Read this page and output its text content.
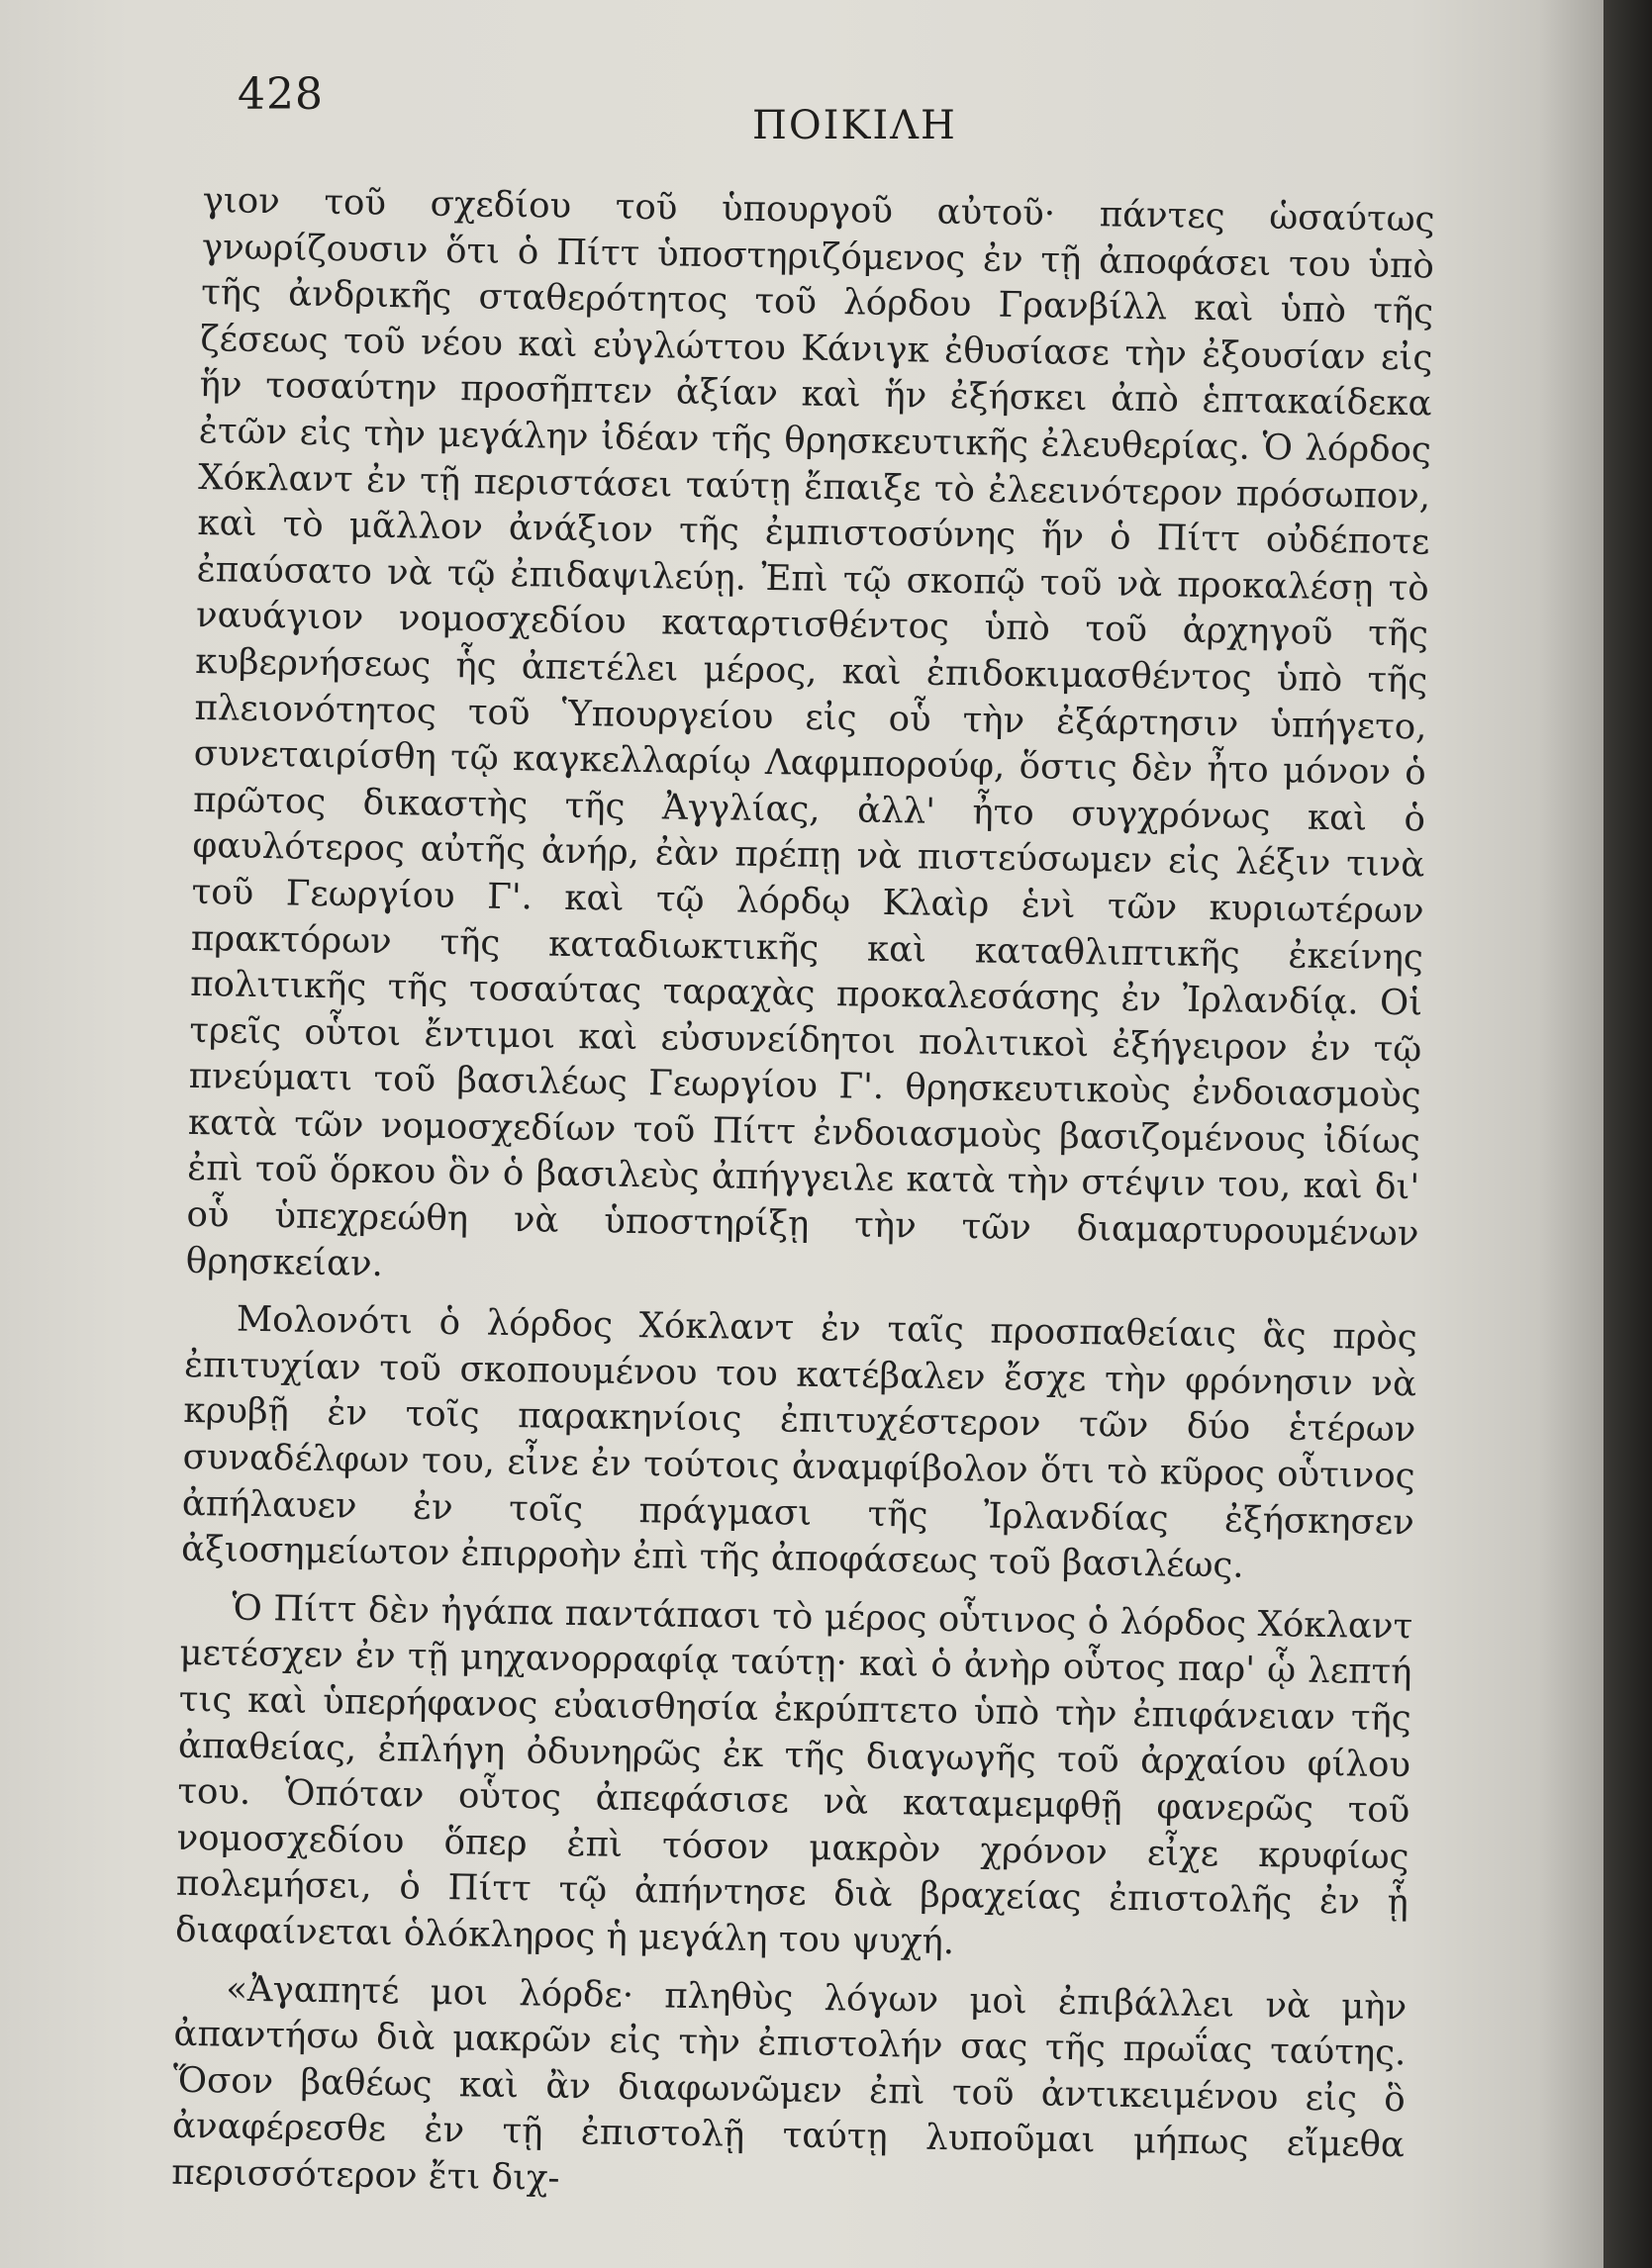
428
ΠΟΙΚΙΛΗ

γιον τοῦ σχεδίου τοῦ ὑπουργοῦ αὐτοῦ· πάντες ὡσαύτως γνωρίζουσιν ὅτι ὁ Πίττ ὑποστηριζόμενος ἐν τῇ ἀποφάσει του ὑπὸ τῆς ἀνδρικῆς σταθερότητος τοῦ λόρδου Γρανβίλλ καὶ ὑπὸ τῆς ζέσεως τοῦ νέου καὶ εὐγλώττου Κάνιγκ ἐθυσίασε τὴν ἐξουσίαν εἰς ἥν τοσαύτην προσῆπτεν ἀξίαν καὶ ἥν ἐξήσκει ἀπὸ ἑπτακαίδεκα ἐτῶν εἰς τὴν μεγάλην ἰδέαν τῆς θρησκευτικῆς ἐλευθερίας. Ὁ λόρδος Χόκλαντ ἐν τῇ περιστάσει ταύτῃ ἔπαιξε τὸ ἐλεεινότερον πρόσωπον, καὶ τὸ μᾶλλον ἀνάξιον τῆς ἐμπιστοσύνης ἥν ὁ Πίττ οὐδέποτε ἐπαύσατο νὰ τῷ ἐπιδαψιλεύῃ. Ἐπὶ τῷ σκοπῷ τοῦ νὰ προκαλέσῃ τὸ ναυάγιον νομοσχεδίου καταρτισθέντος ὑπὸ τοῦ ἀρχηγοῦ τῆς κυβερνήσεως ἧς ἀπετέλει μέρος, καὶ ἐπιδοκιμασθέντος ὑπὸ τῆς πλειονότητος τοῦ Ὑπουργείου εἰς οὗ τὴν ἐξάρτησιν ὑπήγετο, συνεταιρίσθη τῷ καγκελλαρίῳ Λαφμπορούφ, ὅστις δὲν ἦτο μόνον ὁ πρῶτος δικαστὴς τῆς Ἀγγλίας, ἀλλ' ἦτο συγχρόνως καὶ ὁ φαυλότερος αὐτῆς ἀνήρ, ἐὰν πρέπῃ νὰ πιστεύσωμεν εἰς λέξιν τινὰ τοῦ Γεωργίου Γ'. καὶ τῷ λόρδῳ Κλαὶρ ἑνὶ τῶν κυριωτέρων πρακτόρων τῆς καταδιωκτικῆς καὶ καταθλιπτικῆς ἐκείνης πολιτικῆς τῆς τοσαύτας ταραχὰς προκαλεσάσης ἐν Ἰρλανδίᾳ. Οἱ τρεῖς οὗτοι ἔντιμοι καὶ εὐσυνείδητοι πολιτικοὶ ἐξήγειρον ἐν τῷ πνεύματι τοῦ βασιλέως Γεωργίου Γ'. θρησκευτικοὺς ἐνδοιασμοὺς κατὰ τῶν νομοσχεδίων τοῦ Πίττ ἐνδοιασμοὺς βασιζομένους ἰδίως ἐπὶ τοῦ ὅρκου ὃν ὁ βασιλεὺς ἀπήγγειλε κατὰ τὴν στέψιν του, καὶ δι' οὗ ὑπεχρεώθη νὰ ὑποστηρίξῃ τὴν τῶν διαμαρτυρουμένων θρησκείαν.

Μολονότι ὁ λόρδος Χόκλαντ ἐν ταῖς προσπαθείαις ἃς πρὸς ἐπιτυχίαν τοῦ σκοπουμένου του κατέβαλεν ἔσχε τὴν φρόνησιν νὰ κρυβῇ ἐν τοῖς παρακηνίοις ἐπιτυχέστερον τῶν δύο ἑτέρων συναδέλφων του, εἶνε ἐν τούτοις ἀναμφίβολον ὅτι τὸ κῦρος οὗτινος ἀπήλαυεν ἐν τοῖς πράγμασι τῆς Ἰρλανδίας ἐξήσκησεν ἀξιοσημείωτον ἐπιρροὴν ἐπὶ τῆς ἀποφάσεως τοῦ βασιλέως.

Ὁ Πίττ δὲν ἠγάπα παντάπασι τὸ μέρος οὗτινος ὁ λόρδος Χόκλαντ μετέσχεν ἐν τῇ μηχανορραφίᾳ ταύτῃ· καὶ ὁ ἀνὴρ οὗτος παρ' ᾧ λεπτή τις καὶ ὑπερήφανος εὐαισθησία ἐκρύπτετο ὑπὸ τὴν ἐπιφάνειαν τῆς ἀπαθείας, ἐπλήγη ὀδυνηρῶς ἐκ τῆς διαγωγῆς τοῦ ἀρχαίου φίλου του. Ὁπόταν οὗτος ἀπεφάσισε νὰ καταμεμφθῇ φανερῶς τοῦ νομοσχεδίου ὅπερ ἐπὶ τόσον μακρὸν χρόνον εἶχε κρυφίως πολεμήσει, ὁ Πίττ τῷ ἀπήντησε διὰ βραχείας ἐπιστολῆς ἐν ᾗ διαφαίνεται ὁλόκληρος ἡ μεγάλη του ψυχή.

«Ἀγαπητέ μοι λόρδε· πληθὺς λόγων μοὶ ἐπιβάλλει νὰ μὴν ἀπαντήσω διὰ μακρῶν εἰς τὴν ἐπιστολήν σας τῆς πρωΐας ταύτης. Ὅσον βαθέως καὶ ἂν διαφωνῶμεν ἐπὶ τοῦ ἀντικειμένου εἰς ὃ ἀναφέρεσθε ἐν τῇ ἐπιστολῇ ταύτῃ λυποῦμαι μήπως εἴμεθα περισσότερον ἔτι διχ-
